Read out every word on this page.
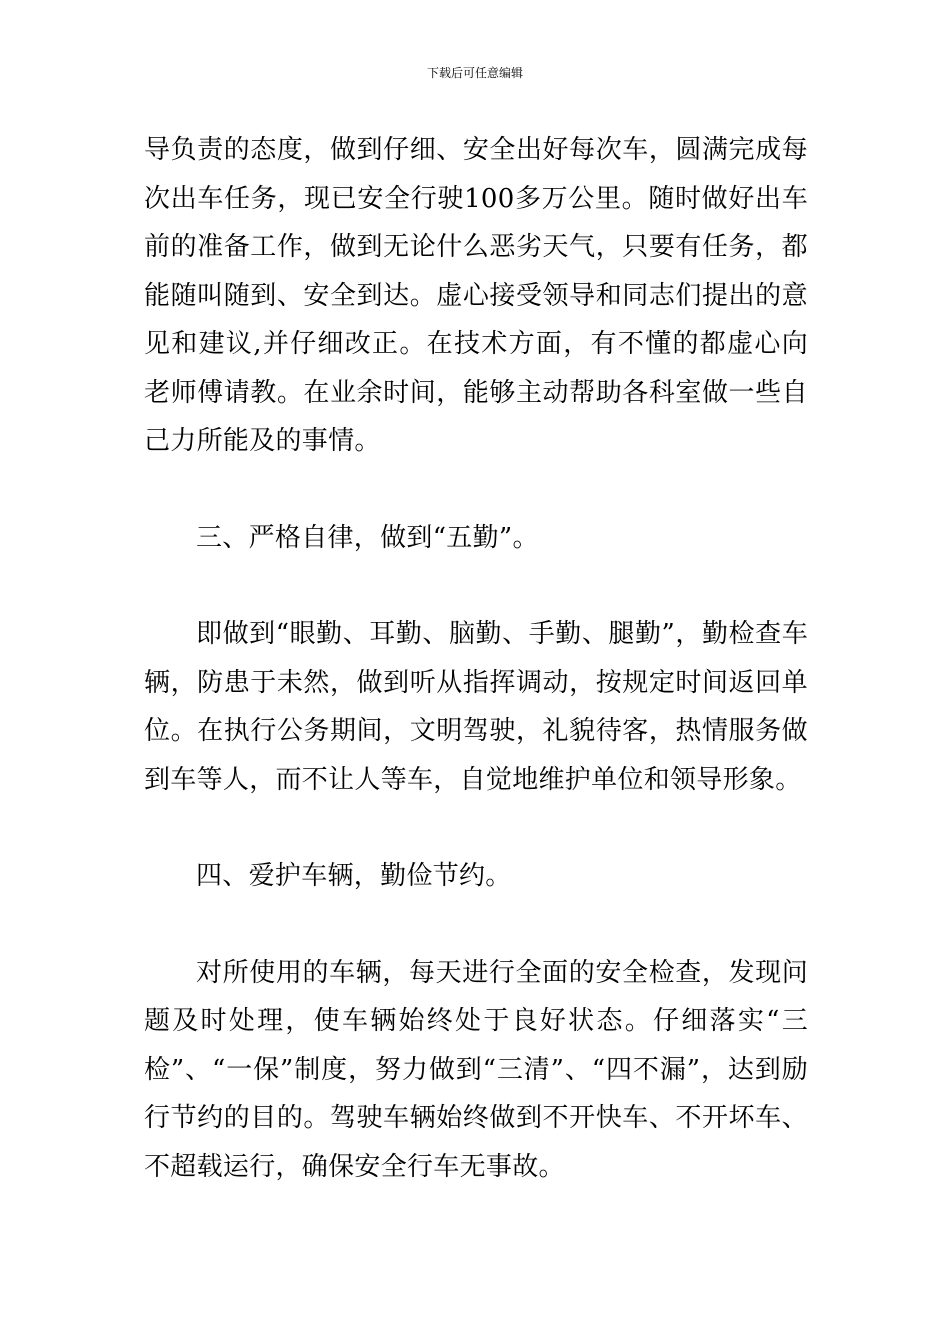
下载后可任意编辑

导负责的态度，做到仔细、安全出好每次车，圆满完成每次出车任务，现已安全行驶100多万公里。随时做好出车前的准备工作，做到无论什么恶劣天气，只要有任务，都能随叫随到、安全到达。虚心接受领导和同志们提出的意见和建议,并仔细改正。在技术方面，有不懂的都虚心向老师傅请教。在业余时间，能够主动帮助各科室做一些自己力所能及的事情。

三、严格自律，做到“五勤”。

即做到“眼勤、耳勤、脑勤、手勤、腿勤”，勤检查车辆，防患于未然，做到听从指挥调动，按规定时间返回单位。在执行公务期间，文明驾驶，礼貌待客，热情服务做到车等人，而不让人等车，自觉地维护单位和领导形象。

四、爱护车辆，勤俭节约。

对所使用的车辆，每天进行全面的安全检查，发现问题及时处理，使车辆始终处于良好状态。仔细落实“三检”、“一保”制度，努力做到“三清”、“四不漏”，达到励行节约的目的。驾驶车辆始终做到不开快车、不开坏车、不超载运行，确保安全行车无事故。
